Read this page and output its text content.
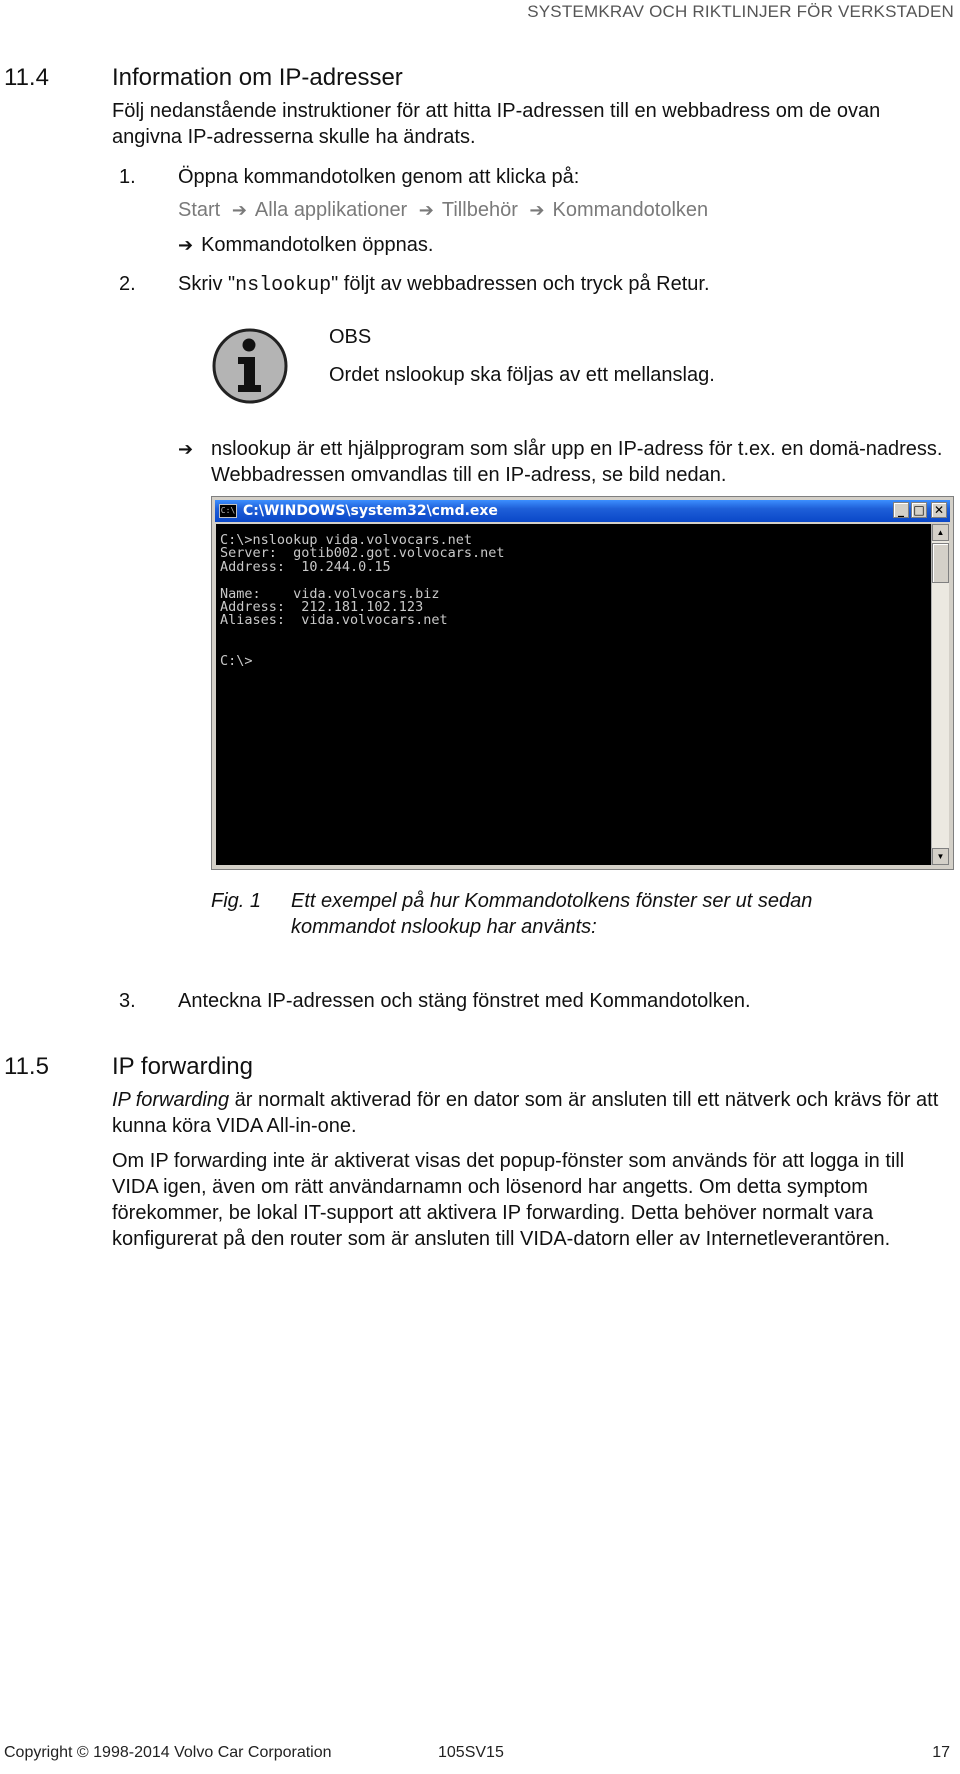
SYSTEMKRAV OCH RIKTLINJER FÖR VERKSTADEN
11.4	Information om IP-adresser
Följ nedanstående instruktioner för att hitta IP-adressen till en webbadress om de ovan angivna IP-adresserna skulle ha ändrats.
1. Öppna kommandotolken genom att klicka på:
Start ➔ Alla applikationer ➔ Tillbehör ➔ Kommandotolken
➔ Kommandotolken öppnas.
2. Skriv "nslookup" följt av webbadressen och tryck på Retur.
OBS
Ordet nslookup ska följas av ett mellanslag.
➔ nslookup är ett hjälpprogram som slår upp en IP-adress för t.ex. en domä-nadress. Webbadressen omvandlas till en IP-adress, se bild nedan.
C:\ C:\WINDOWS\system32\cmd.exe	_ □ ✕
C:\>nslookup vida.volvocars.net
Server:  gotib002.got.volvocars.net
Address:  10.244.0.15

Name:    vida.volvocars.biz
Address:  212.181.102.123
Aliases:  vida.volvocars.net

C:\>
▲
▼
Fig. 1 Ett exempel på hur Kommandotolkens fönster ser ut sedan kommandot nslookup har använts:
3. Anteckna IP-adressen och stäng fönstret med Kommandotolken.
11.5	IP forwarding
IP forwarding är normalt aktiverad för en dator som är ansluten till ett nätverk och krävs för att kunna köra VIDA All-in-one.
Om IP forwarding inte är aktiverat visas det popup-fönster som används för att logga in till VIDA igen, även om rätt användarnamn och lösenord har angetts. Om detta symptom förekommer, be lokal IT-support att aktivera IP forwarding. Detta behöver normalt vara konfigurerat på den router som är ansluten till VIDA-datorn eller av Internetleverantören.
Copyright © 1998-2014 Volvo Car Corporation	105SV15	17
